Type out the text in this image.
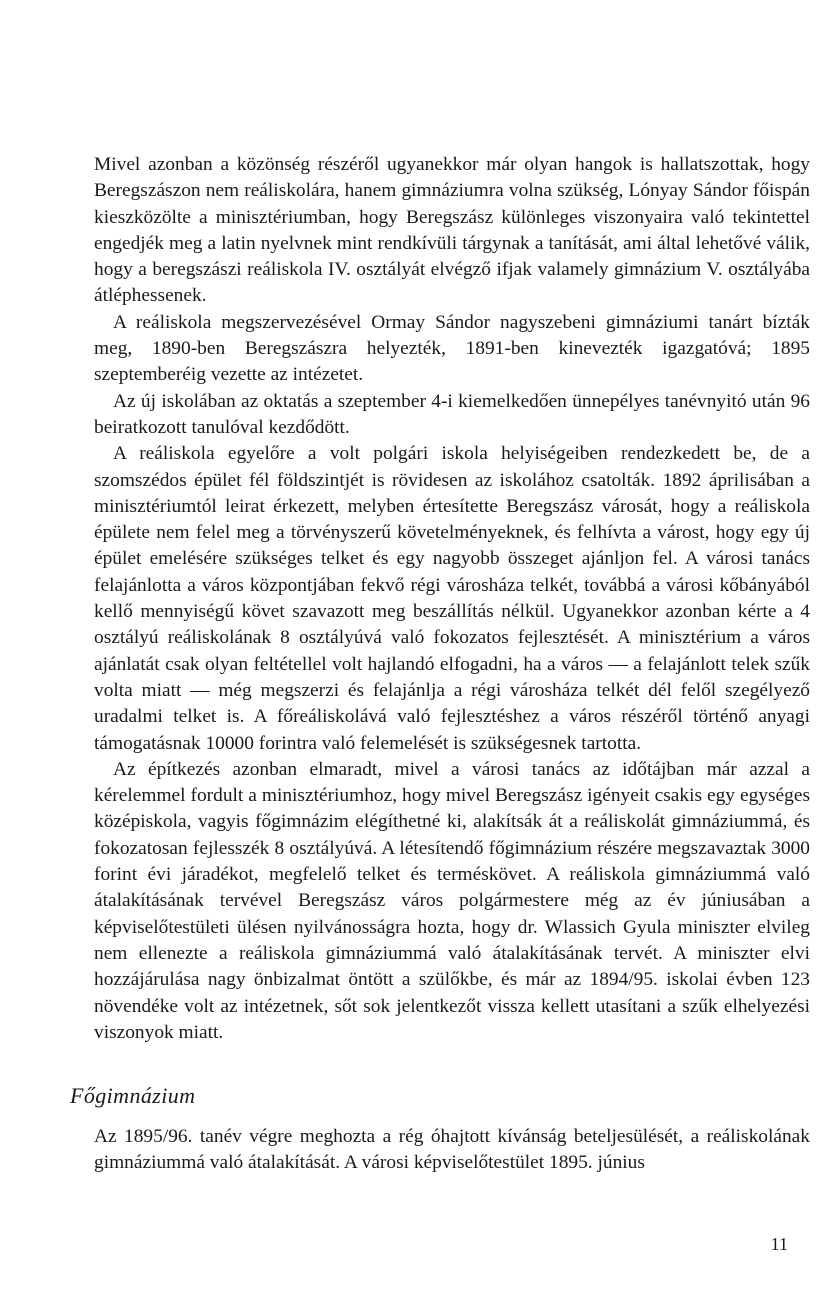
Mivel azonban a közönség részéről ugyanekkor már olyan hangok is hallatszottak, hogy Beregszászon nem reáliskolára, hanem gimnáziumra volna szükség, Lónyay Sándor főispán kieszközölte a minisztériumban, hogy Beregszász különleges viszonyaira való tekintettel engedjék meg a latin nyelvnek mint rendkívüli tárgynak a tanítását, ami által lehetővé válik, hogy a beregszászi reáliskola IV. osztályát elvégző ifjak valamely gimnázium V. osztályába átléphessenek.

A reáliskola megszervezésével Ormay Sándor nagyszebeni gimnáziumi tanárt bízták meg, 1890-ben Beregszászra helyezték, 1891-ben kinevezték igazgatóvá; 1895 szeptemberéig vezette az intézetet.

Az új iskolában az oktatás a szeptember 4-i kiemelkedően ünnepélyes tanévnyitó után 96 beiratkozott tanulóval kezdődött.

A reáliskola egyelőre a volt polgári iskola helyiségeiben rendezkedett be, de a szomszédos épület fél földszintjét is rövidesen az iskolához csatolták. 1892 áprilisában a minisztériumtól leirat érkezett, melyben értesítette Beregszász városát, hogy a reáliskola épülete nem felel meg a törvényszerű követelményeknek, és felhívta a várost, hogy egy új épület emelésére szükséges telket és egy nagyobb összeget ajánljon fel. A városi tanács felajánlotta a város központjában fekvő régi városháza telkét, továbbá a városi kőbányából kellő mennyiségű követ szavazott meg beszállítás nélkül. Ugyanekkor azonban kérte a 4 osztályú reáliskolának 8 osztályúvá való fokozatos fejlesztését. A minisztérium a város ajánlatát csak olyan feltétellel volt hajlandó elfogadni, ha a város — a felajánlott telek szűk volta miatt — még megszerzi és felajánlja a régi városháza telkét dél felől szegélyező uradalmi telket is. A főreáliskolává való fejlesztéshez a város részéről történő anyagi támogatásnak 10000 forintra való felemelését is szükségesnek tartotta.

Az építkezés azonban elmaradt, mivel a városi tanács az időtájban már azzal a kérelemmel fordult a minisztériumhoz, hogy mivel Beregszász igényeit csakis egy egységes középiskola, vagyis főgimnázim elégíthetné ki, alakítsák át a reáliskolát gimnáziummá, és fokozatosan fejlesszék 8 osztályúvá. A létesítendő főgimnázium részére megszavaztak 3000 forint évi járadékot, megfelelő telket és terméskövet. A reáliskola gimnáziummá való átalakításának tervével Beregszász város polgármestere még az év júniusában a képviselőtestületi ülésen nyilvánosságra hozta, hogy dr. Wlassich Gyula miniszter elvileg nem ellenezte a reáliskola gimnáziummá való átalakításának tervét. A miniszter elvi hozzájárulása nagy önbizalmat öntött a szülőkbe, és már az 1894/95. iskolai évben 123 növendéke volt az intézetnek, sőt sok jelentkezőt vissza kellett utasítani a szűk elhelyezési viszonyok miatt.

Főgimnázium

Az 1895/96. tanév végre meghozta a rég óhajtott kívánság beteljesülését, a reáliskolának gimnáziummá való átalakítását. A városi képviselőtestület 1895. június

11
